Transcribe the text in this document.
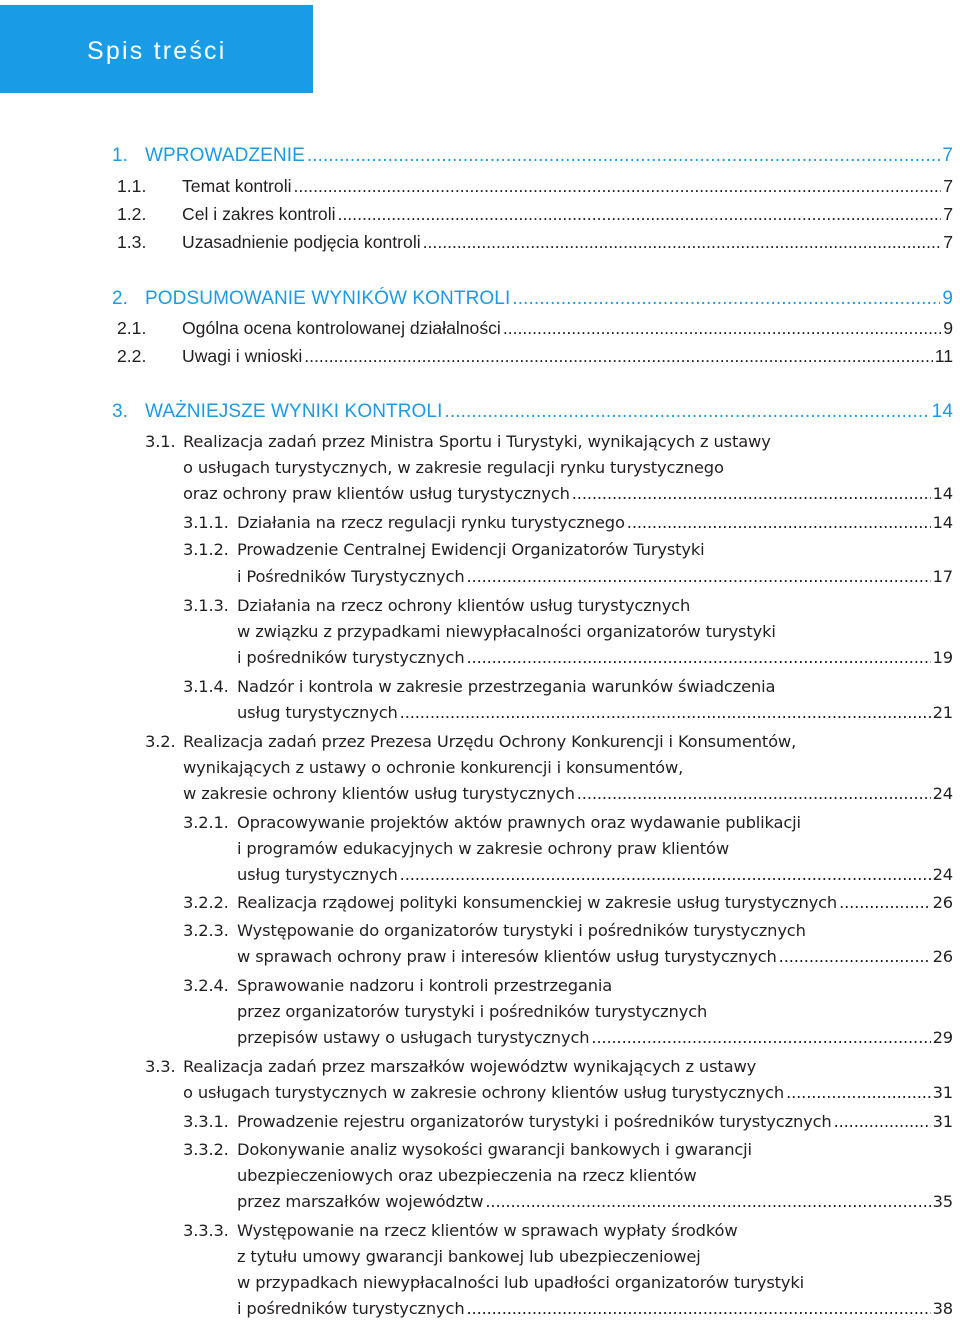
Spis treści
1. WPROWADZENIE	7
.....
1.1. Temat kontroli	7
.....
1.2. Cel i zakres kontroli	7
.....
1.3. Uzasadnienie podjęcia kontroli	7
.....
2. PODSUMOWANIE WYNIKÓW KONTROLI	9
.....
2.1. Ogólna ocena kontrolowanej działalności	9
.....
2.2. Uwagi i wnioski	11
.....
3. WAŻNIEJSZE WYNIKI KONTROLI	14
.....
3.1. Realizacja zadań przez Ministra Sportu i Turystyki, wynikających z ustawy
o usługach turystycznych, w zakresie regulacji rynku turystycznego
oraz ochrony praw klientów usług turystycznych	14
.....
3.1.1. Działania na rzecz regulacji rynku turystycznego	14
.....
3.1.2. Prowadzenie Centralnej Ewidencji Organizatorów Turystyki
i Pośredników Turystycznych	17
.....
3.1.3. Działania na rzecz ochrony klientów usług turystycznych
w związku z przypadkami niewypłacalności organizatorów turystyki
i pośredników turystycznych	19
.....
3.1.4. Nadzór i kontrola w zakresie przestrzegania warunków świadczenia
usług turystycznych	21
.....
3.2. Realizacja zadań przez Prezesa Urzędu Ochrony Konkurencji i Konsumentów,
wynikających z ustawy o ochronie konkurencji i konsumentów,
w zakresie ochrony klientów usług turystycznych	24
.....
3.2.1. Opracowywanie projektów aktów prawnych oraz wydawanie publikacji
i programów edukacyjnych w zakresie ochrony praw klientów
usług turystycznych	24
.....
3.2.2. Realizacja rządowej polityki konsumenckiej w zakresie usług turystycznych	26
.....
3.2.3. Występowanie do organizatorów turystyki i pośredników turystycznych
w sprawach ochrony praw i interesów klientów usług turystycznych	26
.....
3.2.4. Sprawowanie nadzoru i kontroli przestrzegania
przez organizatorów turystyki i pośredników turystycznych
przepisów ustawy o usługach turystycznych	29
.....
3.3. Realizacja zadań przez marszałków województw wynikających z ustawy
o usługach turystycznych w zakresie ochrony klientów usług turystycznych	31
.....
3.3.1. Prowadzenie rejestru organizatorów turystyki i pośredników turystycznych	31
.....
3.3.2. Dokonywanie analiz wysokości gwarancji bankowych i gwarancji
ubezpieczeniowych oraz ubezpieczenia na rzecz klientów
przez marszałków województw	35
.....
3.3.3. Występowanie na rzecz klientów w sprawach wypłaty środków
z tytułu umowy gwarancji bankowej lub ubezpieczeniowej
w przypadkach niewypłacalności lub upadłości organizatorów turystyki
i pośredników turystycznych	38
.....
